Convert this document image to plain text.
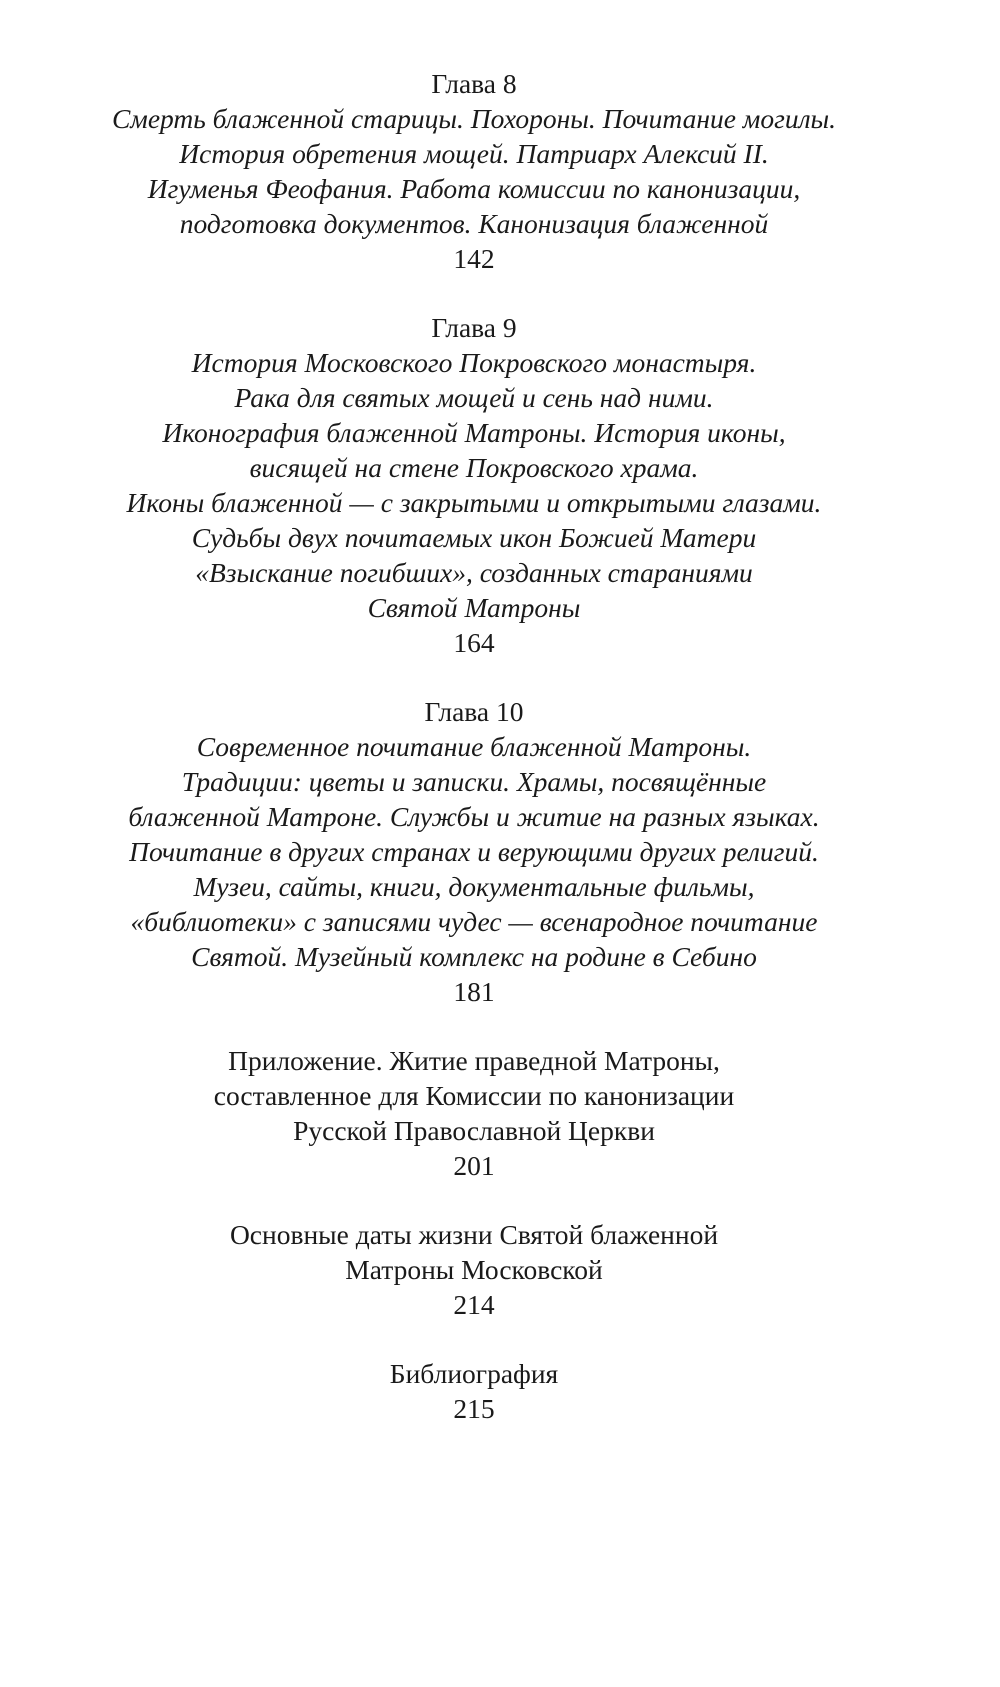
Глава 8
Смерть блаженной старицы. Похороны. Почитание могилы.
История обретения мощей. Патриарх Алексий II.
Игуменья Феофания. Работа комиссии по канонизации,
подготовка документов. Канонизация блаженной
142
Глава 9
История Московского Покровского монастыря.
Рака для святых мощей и сень над ними.
Иконография блаженной Матроны. История иконы,
висящей на стене Покровского храма.
Иконы блаженной — с закрытыми и открытыми глазами.
Судьбы двух почитаемых икон Божией Матери
«Взыскание погибших», созданных стараниями
Святой Матроны
164
Глава 10
Современное почитание блаженной Матроны.
Традиции: цветы и записки. Храмы, посвящённые
блаженной Матроне. Службы и житие на разных языках.
Почитание в других странах и верующими других религий.
Музеи, сайты, книги, документальные фильмы,
«библиотеки» с записями чудес — всенародное почитание
Святой. Музейный комплекс на родине в Себино
181
Приложение. Житие праведной Матроны,
составленное для Комиссии по канонизации
Русской Православной Церкви
201
Основные даты жизни Святой блаженной
Матроны Московской
214
Библиография
215
